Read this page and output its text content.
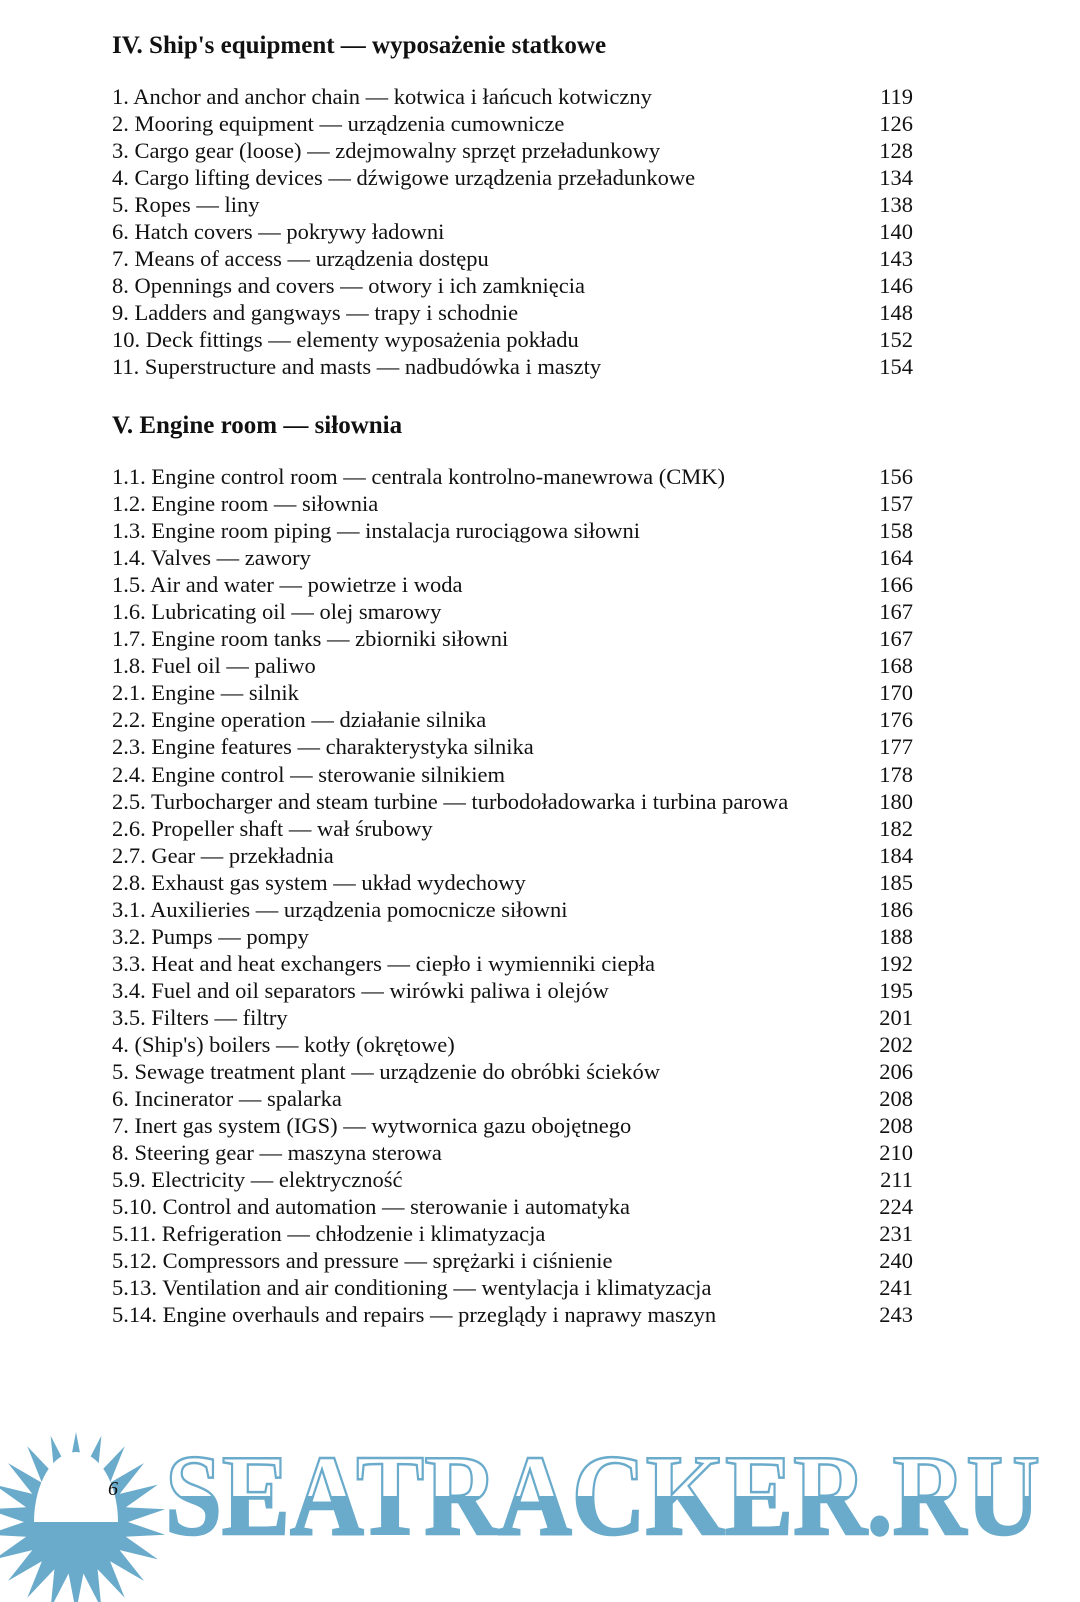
IV. Ship's equipment — wyposażenie statkowe
1. Anchor and anchor chain — kotwica i łańcuch kotwiczny	119
2. Mooring equipment — urządzenia cumownicze	126
3. Cargo gear (loose) — zdejmowalny sprzęt przeładunkowy	128
4. Cargo lifting devices — dźwigowe urządzenia przeładunkowe	134
5. Ropes — liny	138
6. Hatch covers — pokrywy ładowni	140
7. Means of access — urządzenia dostępu	143
8. Opennings and covers — otwory i ich zamknięcia	146
9. Ladders and gangways — trapy i schodnie	148
10. Deck fittings — elementy wyposażenia pokładu	152
11. Superstructure and masts — nadbudówka i maszty	154
V. Engine room — siłownia
1.1. Engine control room — centrala kontrolno-manewrowa (CMK)	156
1.2. Engine room — siłownia	157
1.3. Engine room piping — instalacja rurociągowa siłowni	158
1.4. Valves — zawory	164
1.5. Air and water — powietrze i woda	166
1.6. Lubricating oil — olej smarowy	167
1.7. Engine room tanks — zbiorniki siłowni	167
1.8. Fuel oil — paliwo	168
2.1. Engine — silnik	170
2.2. Engine operation — działanie silnika	176
2.3. Engine features — charakterystyka silnika	177
2.4. Engine control — sterowanie silnikiem	178
2.5. Turbocharger and steam turbine — turbodoładowarka i turbina parowa	180
2.6. Propeller shaft — wał śrubowy	182
2.7. Gear — przekładnia	184
2.8. Exhaust gas system — układ wydechowy	185
3.1. Auxilieries — urządzenia pomocnicze siłowni	186
3.2. Pumps — pompy	188
3.3. Heat and heat exchangers — ciepło i wymienniki ciepła	192
3.4. Fuel and oil separators — wirówki paliwa i olejów	195
3.5. Filters — filtry	201
4. (Ship's) boilers — kotły (okrętowe)	202
5. Sewage treatment plant — urządzenie do obróbki ścieków	206
6. Incinerator — spalarka	208
7. Inert gas system (IGS) — wytwornica gazu obojętnego	208
8. Steering gear — maszyna sterowa	210
5.9. Electricity — elektryczność	211
5.10. Control and automation — sterowanie i automatyka	224
5.11. Refrigeration — chłodzenie i klimatyzacja	231
5.12. Compressors and pressure — sprężarki i ciśnienie	240
5.13. Ventilation and air conditioning — wentylacja i klimatyzacja	241
5.14. Engine overhauls and repairs — przeglądy i naprawy maszyn	243
SEATRACKER.RU
6
